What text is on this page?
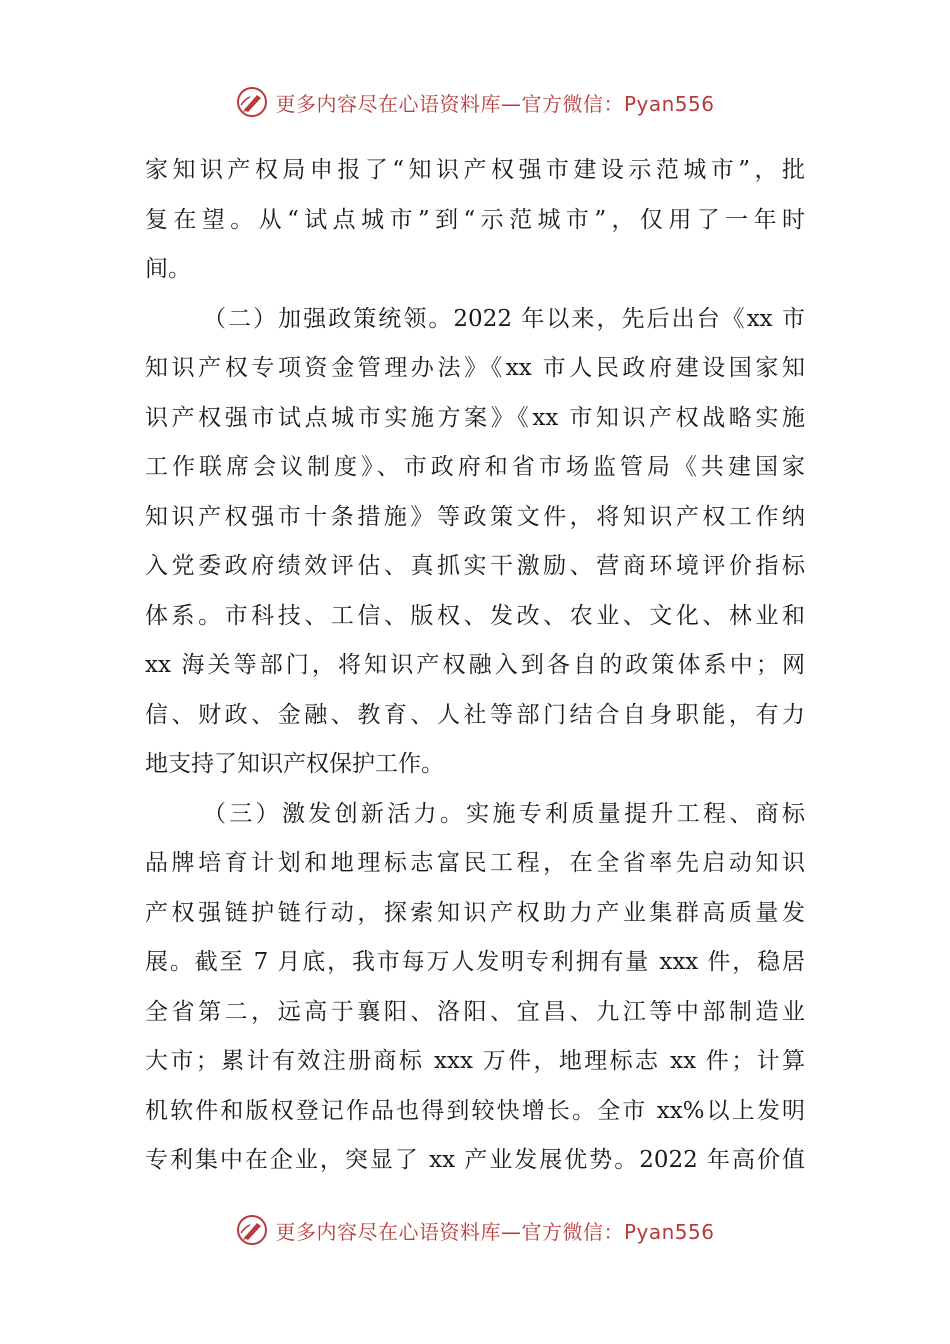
更多内容尽在心语资料库—官方微信：Pyan556
家知识产权局申报了“知识产权强市建设示范城市”，批
复在望。从“试点城市”到“示范城市”，仅用了一年时
间。
（二）加强政策统领。2022 年以来，先后出台《xx 市
知识产权专项资金管理办法》《xx 市人民政府建设国家知
识产权强市试点城市实施方案》《xx 市知识产权战略实施
工作联席会议制度》、市政府和省市场监管局《共建国家
知识产权强市十条措施》等政策文件，将知识产权工作纳
入党委政府绩效评估、真抓实干激励、营商环境评价指标
体系。市科技、工信、版权、发改、农业、文化、林业和
xx 海关等部门，将知识产权融入到各自的政策体系中；网
信、财政、金融、教育、人社等部门结合自身职能，有力
地支持了知识产权保护工作。
（三）激发创新活力。实施专利质量提升工程、商标
品牌培育计划和地理标志富民工程，在全省率先启动知识
产权强链护链行动，探索知识产权助力产业集群高质量发
展。截至 7 月底，我市每万人发明专利拥有量 xxx 件，稳居
全省第二，远高于襄阳、洛阳、宜昌、九江等中部制造业
大市；累计有效注册商标 xxx 万件，地理标志 xx 件；计算
机软件和版权登记作品也得到较快增长。全市 xx%以上发明
专利集中在企业，突显了 xx 产业发展优势。2022 年高价值
更多内容尽在心语资料库—官方微信：Pyan556
